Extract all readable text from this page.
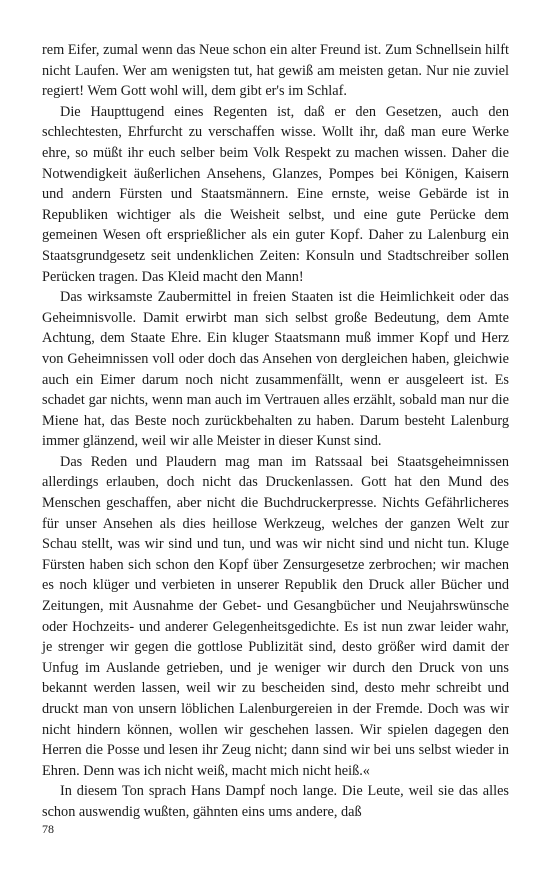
rem Eifer, zumal wenn das Neue schon ein alter Freund ist. Zum Schnellsein hilft nicht Laufen. Wer am wenigsten tut, hat gewiß am meisten getan. Nur nie zuviel regiert! Wem Gott wohl will, dem gibt er's im Schlaf.

Die Haupttugend eines Regenten ist, daß er den Gesetzen, auch den schlechtesten, Ehrfurcht zu verschaffen wisse. Wollt ihr, daß man eure Werke ehre, so müßt ihr euch selber beim Volk Respekt zu machen wissen. Daher die Notwendigkeit äußerlichen Ansehens, Glanzes, Pompes bei Königen, Kaisern und andern Fürsten und Staatsmännern. Eine ernste, weise Gebärde ist in Republiken wichtiger als die Weisheit selbst, und eine gute Perücke dem gemeinen Wesen oft ersprießlicher als ein guter Kopf. Daher zu Lalenburg ein Staatsgrundgesetz seit undenklichen Zeiten: Konsuln und Stadtschreiber sollen Perücken tragen. Das Kleid macht den Mann!

Das wirksamste Zaubermittel in freien Staaten ist die Heimlichkeit oder das Geheimnisvolle. Damit erwirbt man sich selbst große Bedeutung, dem Amte Achtung, dem Staate Ehre. Ein kluger Staatsmann muß immer Kopf und Herz von Geheimnissen voll oder doch das Ansehen von dergleichen haben, gleichwie auch ein Eimer darum noch nicht zusammenfällt, wenn er ausgeleert ist. Es schadet gar nichts, wenn man auch im Vertrauen alles erzählt, sobald man nur die Miene hat, das Beste noch zurückbehalten zu haben. Darum besteht Lalenburg immer glänzend, weil wir alle Meister in dieser Kunst sind.

Das Reden und Plaudern mag man im Ratssaal bei Staatsgeheimnissen allerdings erlauben, doch nicht das Druckenlassen. Gott hat den Mund des Menschen geschaffen, aber nicht die Buchdruckerpresse. Nichts Gefährlicheres für unser Ansehen als dies heillose Werkzeug, welches der ganzen Welt zur Schau stellt, was wir sind und tun, und was wir nicht sind und nicht tun. Kluge Fürsten haben sich schon den Kopf über Zensurgesetze zerbrochen; wir machen es noch klüger und verbieten in unserer Republik den Druck aller Bücher und Zeitungen, mit Ausnahme der Gebet- und Gesangbücher und Neujahrswünsche oder Hochzeits- und anderer Gelegenheitsgedichte. Es ist nun zwar leider wahr, je strenger wir gegen die gottlose Publizität sind, desto größer wird damit der Unfug im Auslande getrieben, und je weniger wir durch den Druck von uns bekannt werden lassen, weil wir zu bescheiden sind, desto mehr schreibt und druckt man von unsern löblichen Lalenburgereien in der Fremde. Doch was wir nicht hindern können, wollen wir geschehen lassen. Wir spielen dagegen den Herren die Posse und lesen ihr Zeug nicht; dann sind wir bei uns selbst wieder in Ehren. Denn was ich nicht weiß, macht mich nicht heiß.«

In diesem Ton sprach Hans Dampf noch lange. Die Leute, weil sie das alles schon auswendig wußten, gähnten eins ums andere, daß

78
